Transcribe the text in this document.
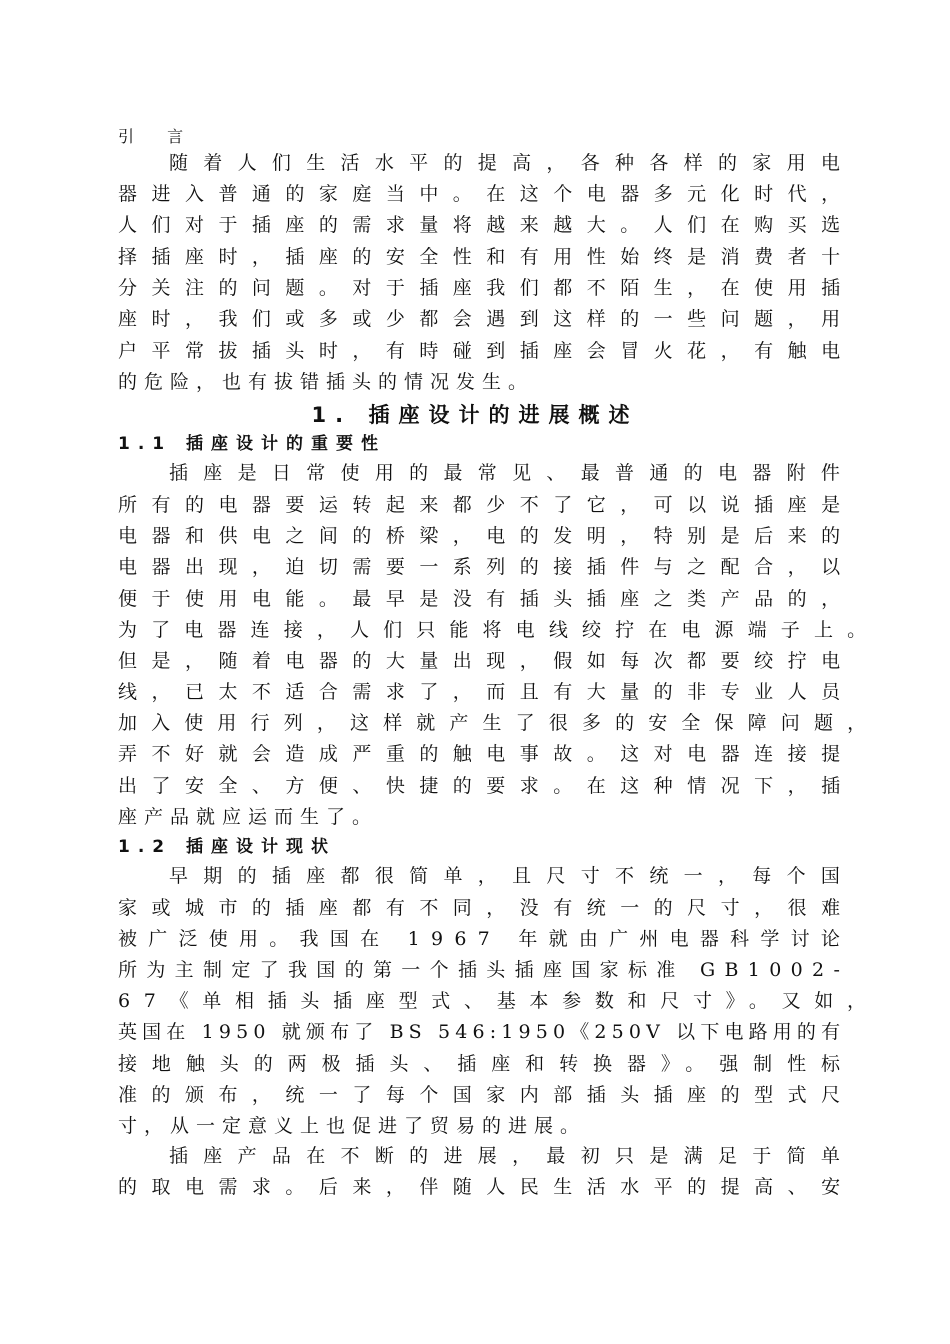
引 言
随着人们生活水平的提高，各种各样的家用电
器进入普通的家庭当中。在这个电器多元化时代，
人们对于插座的需求量将越来越大。人们在购买选
择插座时，插座的安全性和有用性始终是消费者十
分关注的问题。对于插座我们都不陌生，在使用插
座时，我们或多或少都会遇到这样的一些问题，用
户平常拔插头时，有時碰到插座会冒火花，有触电
的危险，也有拔错插头的情况发生。
1. 插座设计的进展概述
1.1 插座设计的重要性
插座是日常使用的最常见、最普通的电器附件
所有的电器要运转起来都少不了它，可以说插座是
电器和供电之间的桥梁，电的发明，特别是后来的
电器出现，迫切需要一系列的接插件与之配合，以
便于使用电能。最早是没有插头插座之类产品的，
为了电器连接，人们只能将电线绞拧在电源端子上。
但是，随着电器的大量出现，假如每次都要绞拧电
线，已太不适合需求了，而且有大量的非专业人员
加入使用行列，这样就产生了很多的安全保障问题，
弄不好就会造成严重的触电事故。这对电器连接提
出了安全、方便、快捷的要求。在这种情况下，插
座产品就应运而生了。
1.2 插座设计现状
早期的插座都很简单，且尺寸不统一，每个国
家或城市的插座都有不同，没有统一的尺寸，很难
被广泛使用。我国在 1967 年就由广州电器科学讨论
所为主制定了我国的第一个插头插座国家标准 GB1002-
67《单相插头插座型式、基本参数和尺寸》。又如，
英国在 1950 就颁布了 BS 546:1950《250V 以下电路用的有
接地触头的两极插头、插座和转换器》。强制性标
准的颁布，统一了每个国家内部插头插座的型式尺
寸，从一定意义上也促进了贸易的进展。
插座产品在不断的进展，最初只是满足于简单
的取电需求。后来，伴随人民生活水平的提高、安
